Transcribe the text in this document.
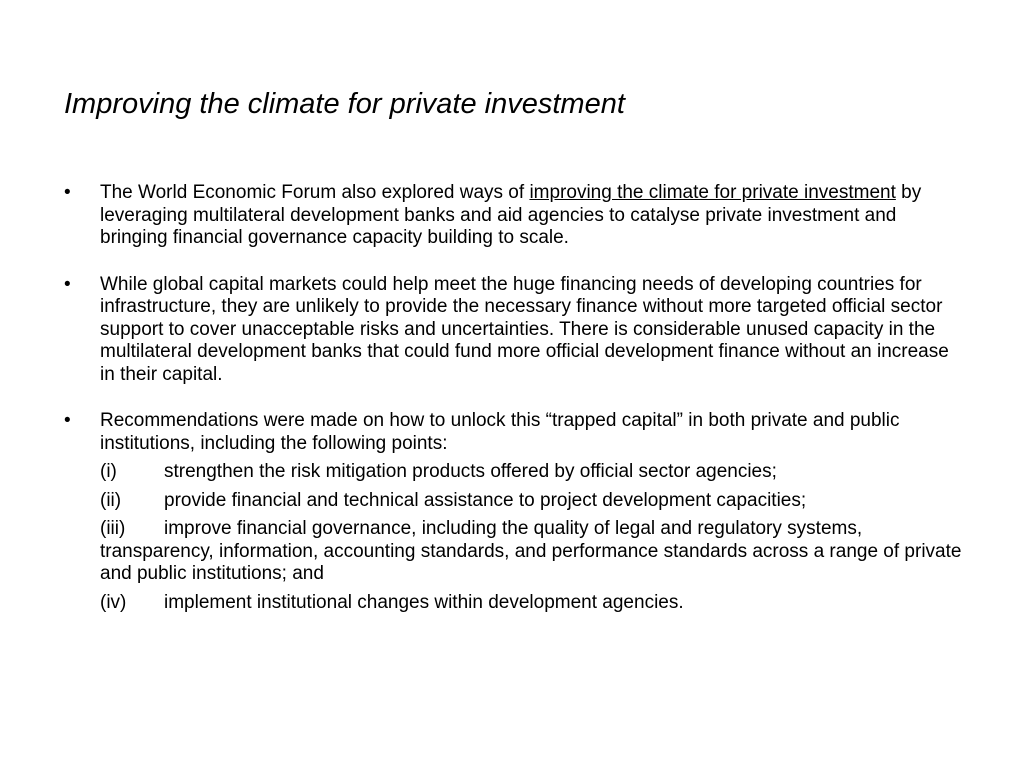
Improving the climate for private investment

• The World Economic Forum also explored ways of improving the climate for private investment by leveraging multilateral development banks and aid agencies to catalyse private investment and bringing financial governance capacity building to scale.

• While global capital markets could help meet the huge financing needs of developing countries for infrastructure, they are unlikely to provide the necessary finance without more targeted official sector support to cover unacceptable risks and uncertainties. There is considerable unused capacity in the multilateral development banks that could fund more official development finance without an increase in their capital.

• Recommendations were made on how to unlock this “trapped capital” in both private and public institutions, including the following points:
(i) strengthen the risk mitigation products offered by official sector agencies;
(ii) provide financial and technical assistance to project development capacities;
(iii) improve financial governance, including the quality of legal and regulatory systems, transparency, information, accounting standards, and performance standards across a range of private and public institutions; and
(iv) implement institutional changes within development agencies.
